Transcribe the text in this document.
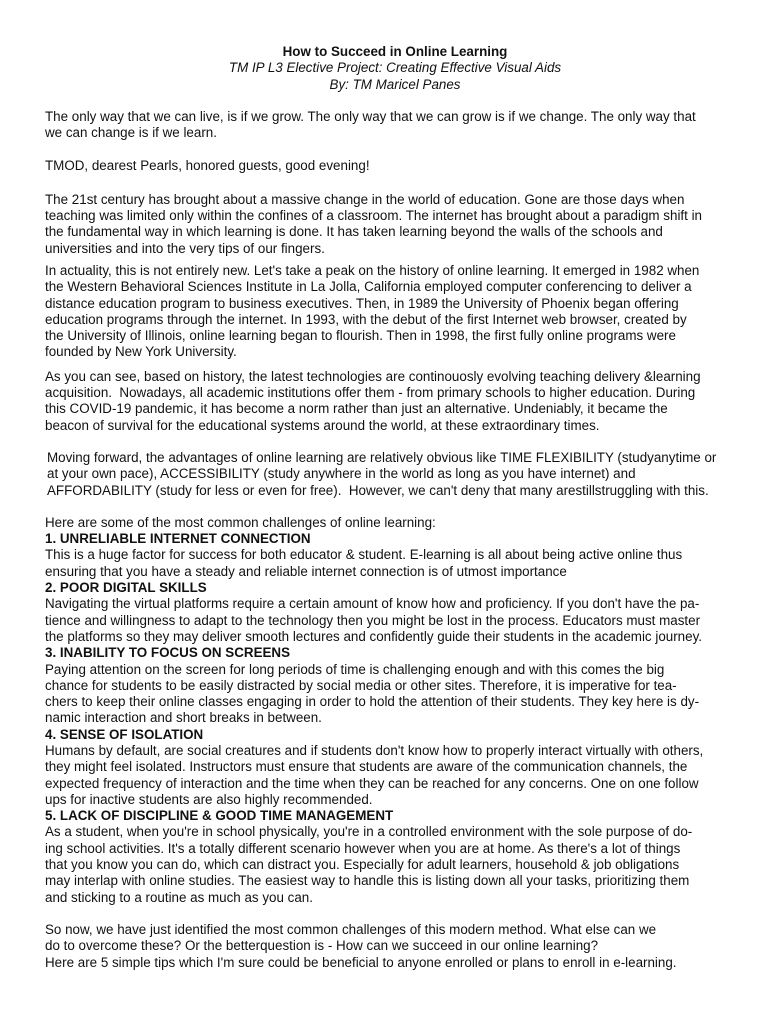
How to Succeed in Online Learning
TM IP L3 Elective Project: Creating Effective Visual Aids
By: TM Maricel Panes
The only way that we can live, is if we grow. The only way that we can grow is if we change. The only way that
we can change is if we learn.
TMOD, dearest Pearls, honored guests, good evening!
The 21st century has brought about a massive change in the world of education. Gone are those days when
teaching was limited only within the confines of a classroom. The internet has brought about a paradigm shift in
the fundamental way in which learning is done. It has taken learning beyond the walls of the schools and
universities and into the very tips of our fingers.
In actuality, this is not entirely new. Let's take a peak on the history of online learning. It emerged in 1982 when
the Western Behavioral Sciences Institute in La Jolla, California employed computer conferencing to deliver a
distance education program to business executives. Then, in 1989 the University of Phoenix began offering
education programs through the internet. In 1993, with the debut of the first Internet web browser, created by
the University of Illinois, online learning began to flourish. Then in 1998, the first fully online programs were
founded by New York University.
As you can see, based on history, the latest technologies are continouosly evolving teaching delivery &learning
acquisition.  Nowadays, all academic institutions offer them - from primary schools to higher education. During
this COVID-19 pandemic, it has become a norm rather than just an alternative. Undeniably, it became the
beacon of survival for the educational systems around the world, at these extraordinary times.
Moving forward, the advantages of online learning are relatively obvious like TIME FLEXIBILITY (studyanytime or
at your own pace), ACCESSIBILITY (study anywhere in the world as long as you have internet) and
AFFORDABILITY (study for less or even for free).  However, we can't deny that many arestillstruggling with this.
Here are some of the most common challenges of online learning:
1. UNRELIABLE INTERNET CONNECTION
This is a huge factor for success for both educator & student. E-learning is all about being active online thus
ensuring that you have a steady and reliable internet connection is of utmost importance
2. POOR DIGITAL SKILLS
Navigating the virtual platforms require a certain amount of know how and proficiency. If you don't have the pa-
tience and willingness to adapt to the technology then you might be lost in the process. Educators must master
the platforms so they may deliver smooth lectures and confidently guide their students in the academic journey.
3. INABILITY TO FOCUS ON SCREENS
Paying attention on the screen for long periods of time is challenging enough and with this comes the big
chance for students to be easily distracted by social media or other sites. Therefore, it is imperative for tea-
chers to keep their online classes engaging in order to hold the attention of their students. They key here is dy-
namic interaction and short breaks in between.
4. SENSE OF ISOLATION
Humans by default, are social creatures and if students don't know how to properly interact virtually with others,
they might feel isolated. Instructors must ensure that students are aware of the communication channels, the
expected frequency of interaction and the time when they can be reached for any concerns. One on one follow
ups for inactive students are also highly recommended.
5. LACK OF DISCIPLINE & GOOD TIME MANAGEMENT
As a student, when you're in school physically, you're in a controlled environment with the sole purpose of do-
ing school activities. It's a totally different scenario however when you are at home. As there's a lot of things
that you know you can do, which can distract you. Especially for adult learners, household & job obligations
may interlap with online studies. The easiest way to handle this is listing down all your tasks, prioritizing them
and sticking to a routine as much as you can.
So now, we have just identified the most common challenges of this modern method. What else can we
do to overcome these? Or the betterquestion is - How can we succeed in our online learning?
Here are 5 simple tips which I'm sure could be beneficial to anyone enrolled or plans to enroll in e-learning.
